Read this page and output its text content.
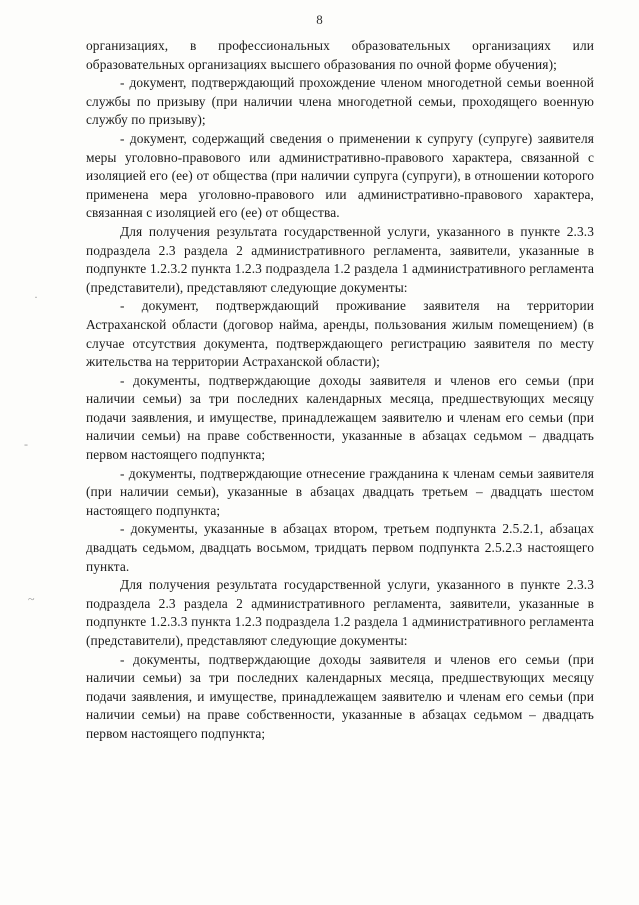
8
·
-
~

организациях, в профессиональных образовательных организациях или образовательных организациях высшего образования по очной форме обучения);

- документ, подтверждающий прохождение членом многодетной семьи военной службы по призыву (при наличии члена многодетной семьи, проходящего военную службу по призыву);

- документ, содержащий сведения о применении к супругу (супруге) заявителя меры уголовно-правового или административно-правового характера, связанной с изоляцией его (ее) от общества (при наличии супруга (супруги), в отношении которого применена мера уголовно-правового или административно-правового характера, связанная с изоляцией его (ее) от общества.

Для получения результата государственной услуги, указанного в пункте 2.3.3 подраздела 2.3 раздела 2 административного регламента, заявители, указанные в подпункте 1.2.3.2 пункта 1.2.3 подраздела 1.2 раздела 1 административного регламента (представители), представляют следующие документы:

- документ, подтверждающий проживание заявителя на территории Астраханской области (договор найма, аренды, пользования жилым помещением) (в случае отсутствия документа, подтверждающего регистрацию заявителя по месту жительства на территории Астраханской области);

- документы, подтверждающие доходы заявителя и членов его семьи (при наличии семьи) за три последних календарных месяца, предшествующих месяцу подачи заявления, и имуществе, принадлежащем заявителю и членам его семьи (при наличии семьи) на праве собственности, указанные в абзацах седьмом – двадцать первом настоящего подпункта;

- документы, подтверждающие отнесение гражданина к членам семьи заявителя (при наличии семьи), указанные в абзацах двадцать третьем – двадцать шестом настоящего подпункта;

- документы, указанные в абзацах втором, третьем подпункта 2.5.2.1, абзацах двадцать седьмом, двадцать восьмом, тридцать первом подпункта 2.5.2.3 настоящего пункта.

Для получения результата государственной услуги, указанного в пункте 2.3.3 подраздела 2.3 раздела 2 административного регламента, заявители, указанные в подпункте 1.2.3.3 пункта 1.2.3 подраздела 1.2 раздела 1 административного регламента (представители), представляют следующие документы:

- документы, подтверждающие доходы заявителя и членов его семьи (при наличии семьи) за три последних календарных месяца, предшествующих месяцу подачи заявления, и имуществе, принадлежащем заявителю и членам его семьи (при наличии семьи) на праве собственности, указанные в абзацах седьмом – двадцать первом настоящего подпункта;
